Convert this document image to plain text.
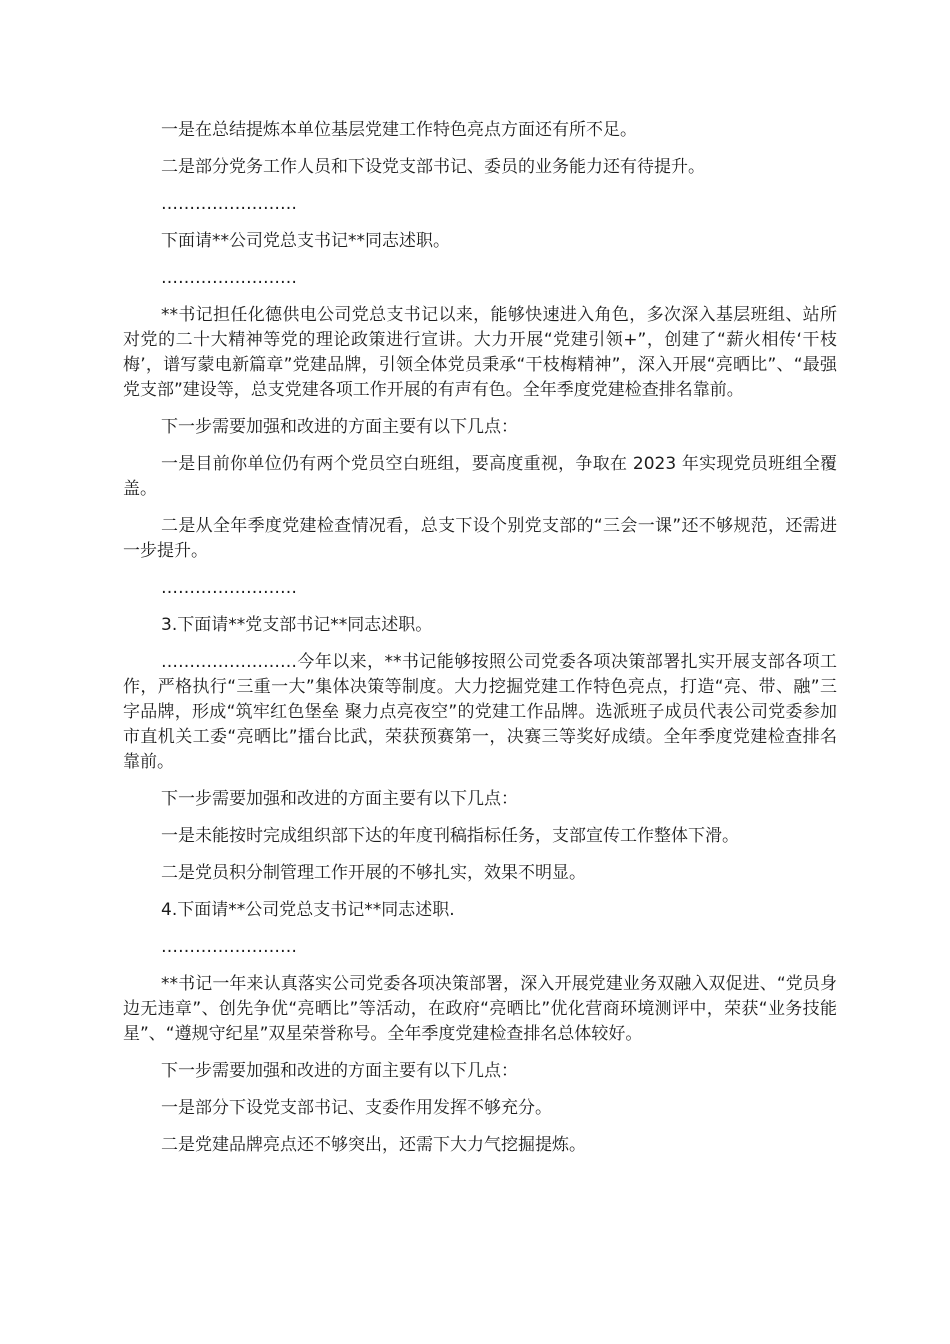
一是在总结提炼本单位基层党建工作特色亮点方面还有所不足。

二是部分党务工作人员和下设党支部书记、委员的业务能力还有待提升。

……………………

下面请**公司党总支书记**同志述职。

……………………

**书记担任化德供电公司党总支书记以来，能够快速进入角色，多次深入基层班组、站所对党的二十大精神等党的理论政策进行宣讲。大力开展“党建引领+”，创建了“薪火相传‘干枝梅’，谱写蒙电新篇章”党建品牌，引领全体党员秉承“干枝梅精神”，深入开展“亮晒比”、“最强党支部”建设等，总支党建各项工作开展的有声有色。全年季度党建检查排名靠前。

下一步需要加强和改进的方面主要有以下几点：

一是目前你单位仍有两个党员空白班组，要高度重视，争取在 2023 年实现党员班组全覆盖。

二是从全年季度党建检查情况看，总支下设个别党支部的“三会一课”还不够规范，还需进一步提升。

……………………

3.下面请**党支部书记**同志述职。

……………………今年以来，**书记能够按照公司党委各项决策部署扎实开展支部各项工作，严格执行“三重一大”集体决策等制度。大力挖掘党建工作特色亮点，打造“亮、带、融”三字品牌，形成“筑牢红色堡垒 聚力点亮夜空”的党建工作品牌。选派班子成员代表公司党委参加市直机关工委“亮晒比”擂台比武，荣获预赛第一，决赛三等奖好成绩。全年季度党建检查排名靠前。

下一步需要加强和改进的方面主要有以下几点：

一是未能按时完成组织部下达的年度刊稿指标任务，支部宣传工作整体下滑。

二是党员积分制管理工作开展的不够扎实，效果不明显。

4.下面请**公司党总支书记**同志述职.

……………………

**书记一年来认真落实公司党委各项决策部署，深入开展党建业务双融入双促进、“党员身边无违章”、创先争优“亮晒比”等活动，在政府“亮晒比”优化营商环境测评中，荣获“业务技能星”、“遵规守纪星”双星荣誉称号。全年季度党建检查排名总体较好。

下一步需要加强和改进的方面主要有以下几点：

一是部分下设党支部书记、支委作用发挥不够充分。

二是党建品牌亮点还不够突出，还需下大力气挖掘提炼。
